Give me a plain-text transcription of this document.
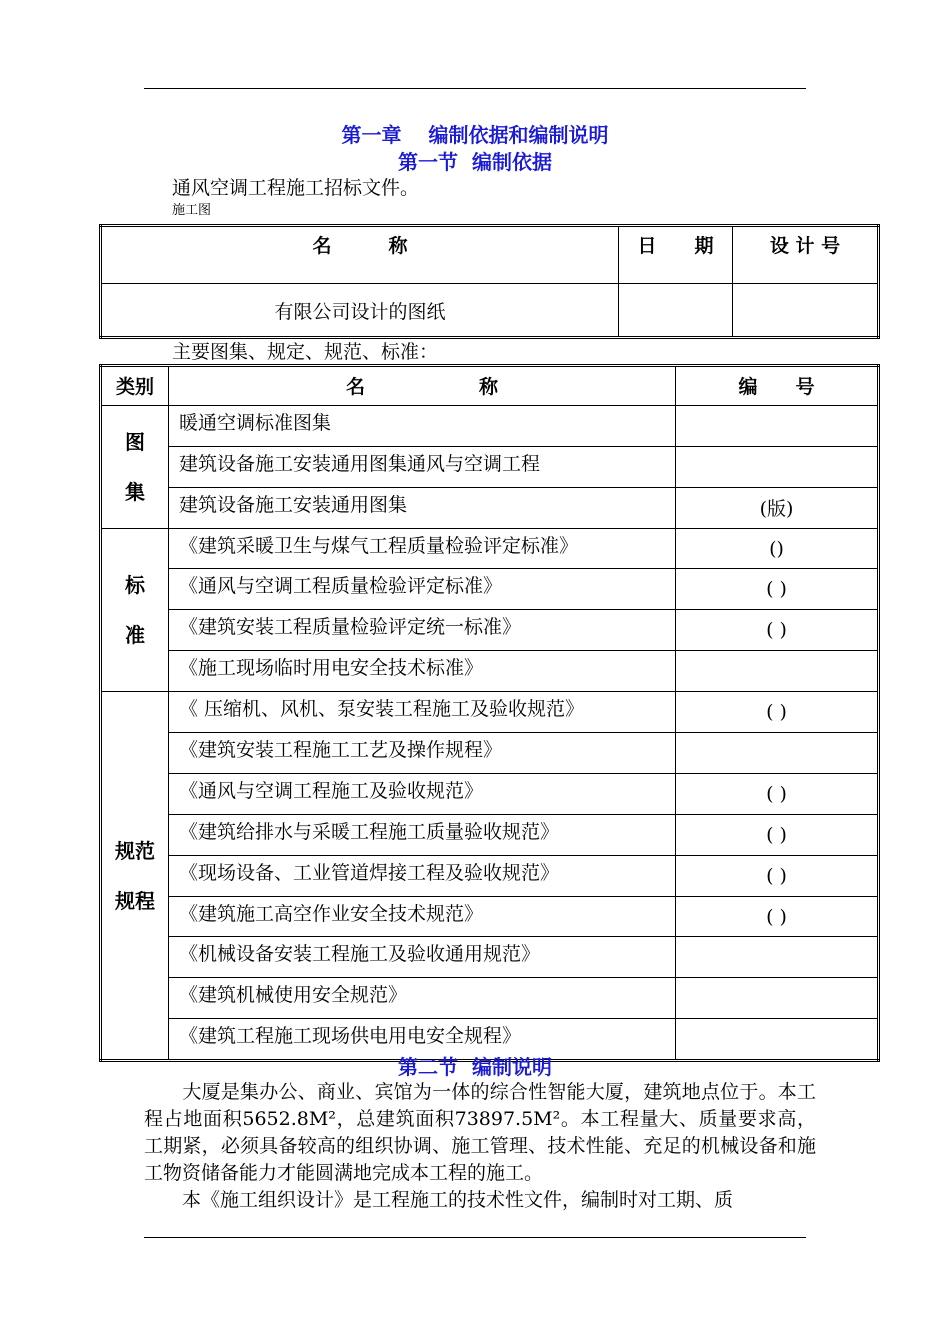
第一章　 编制依据和编制说明
第一节  编制依据
通风空调工程施工招标文件。
施工图
名　　　称	日　　期	设 计 号
有限公司设计的图纸		
主要图集、规定、规范、标准：
类别	名　　　　　　称	编　　号

图
集	暖通空调标准图集	
	建筑设备施工安装通用图集通风与空调工程	
	建筑设备施工安装通用图集	(版)

标
准	《建筑采暖卫生与煤气工程质量检验评定标准》	()
	《通风与空调工程质量检验评定标准》	( )
	《建筑安装工程质量检验评定统一标准》	( )
	《施工现场临时用电安全技术标准》	

规范
规程	《 压缩机、风机、泵安装工程施工及验收规范》	( )
	《建筑安装工程施工工艺及操作规程》	
	《通风与空调工程施工及验收规范》	( )
	《建筑给排水与采暖工程施工质量验收规范》	( )
	《现场设备、工业管道焊接工程及验收规范》	( )
	《建筑施工高空作业安全技术规范》	( )
	《机械设备安装工程施工及验收通用规范》	
	《建筑机械使用安全规范》	
	《建筑工程施工现场供电用电安全规程》	
第二节  编制说明

　　大厦是集办公、商业、宾馆为一体的综合性智能大厦，建筑地点位于。本工程占地面积5652.8M²，总建筑面积73897.5M²。本工程量大、质量要求高，工期紧，必须具备较高的组织协调、施工管理、技术性能、充足的机械设备和施工物资储备能力才能圆满地完成本工程的施工。

　　本《施工组织设计》是工程施工的技术性文件，编制时对工期、质
